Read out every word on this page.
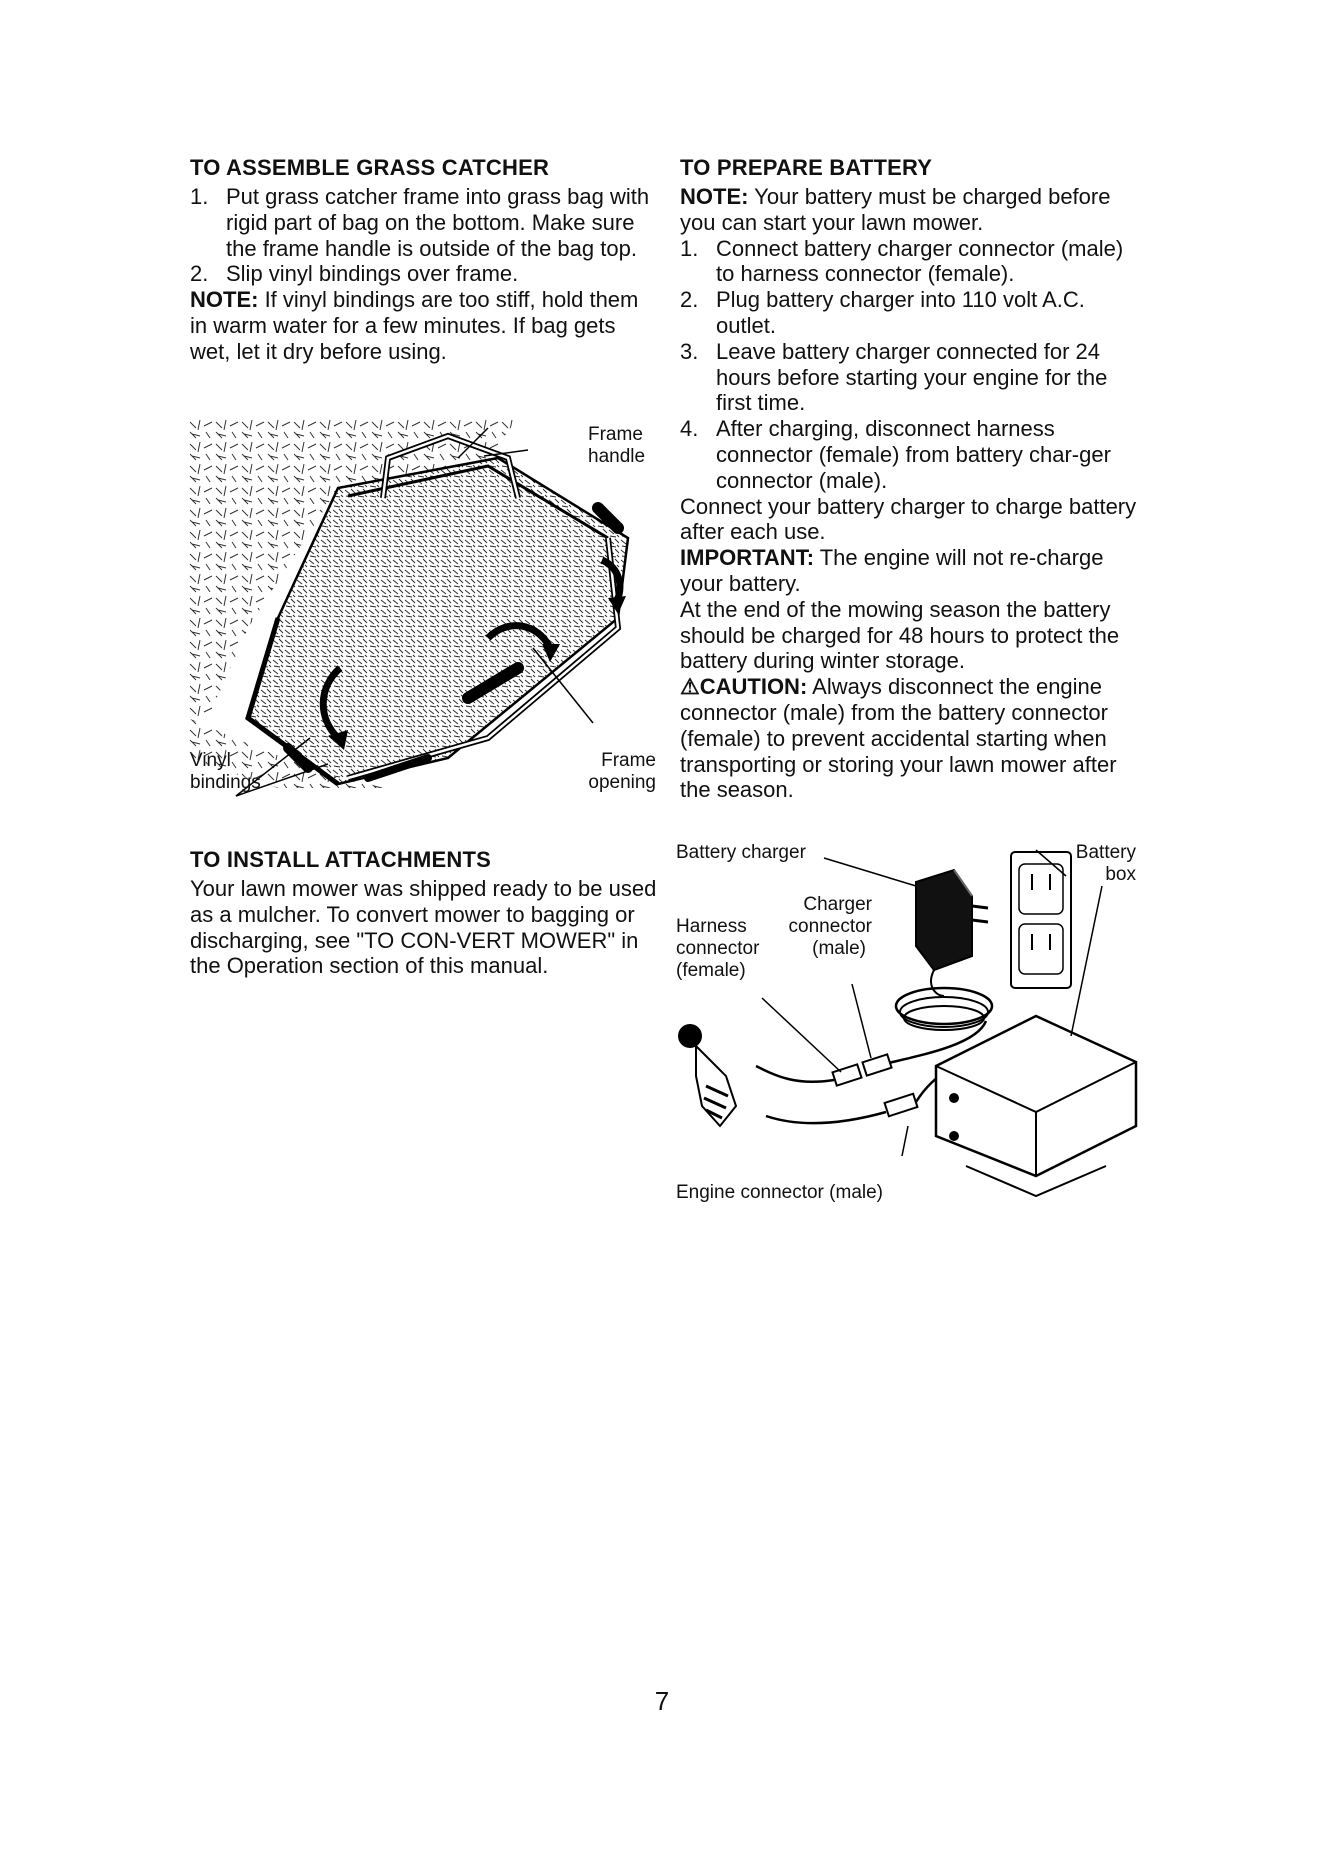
TO ASSEMBLE GRASS CATCHER
1. Put grass catcher frame into grass bag with rigid part of bag on the bottom. Make sure the frame handle is outside of the bag top.
2. Slip vinyl bindings over frame.

NOTE: If vinyl bindings are too stiff, hold them in warm water for a few minutes. If bag gets wet, let it dry before using.

Frame
handle
Vinyl
bindings
Frame
opening
TO INSTALL ATTACHMENTS

Your lawn mower was shipped ready to be used as a mulcher. To convert mower to bagging or discharging, see "TO CON-VERT MOWER" in the Operation section of this manual.

TO PREPARE BATTERY

NOTE: Your battery must be charged before you can start your lawn mower.

1. Connect battery charger connector (male) to harness connector (female).
2. Plug battery charger into 110 volt A.C. outlet.
3. Leave battery charger connected for 24 hours before starting your engine for the first time.
4. After charging, disconnect harness connector (female) from battery char-ger connector (male).

Connect your battery charger to charge battery after each use.

IMPORTANT: The engine will not re-charge your battery.

At the end of the mowing season the battery should be charged for 48 hours to protect the battery during winter storage.

⚠CAUTION: Always disconnect the engine connector (male) from the battery connector (female) to prevent accidental starting when transporting or storing your lawn mower after the season.

Battery charger	Battery
box
Charger
connector
(male)
Harness
connector
(female)
Engine connector (male)
7
